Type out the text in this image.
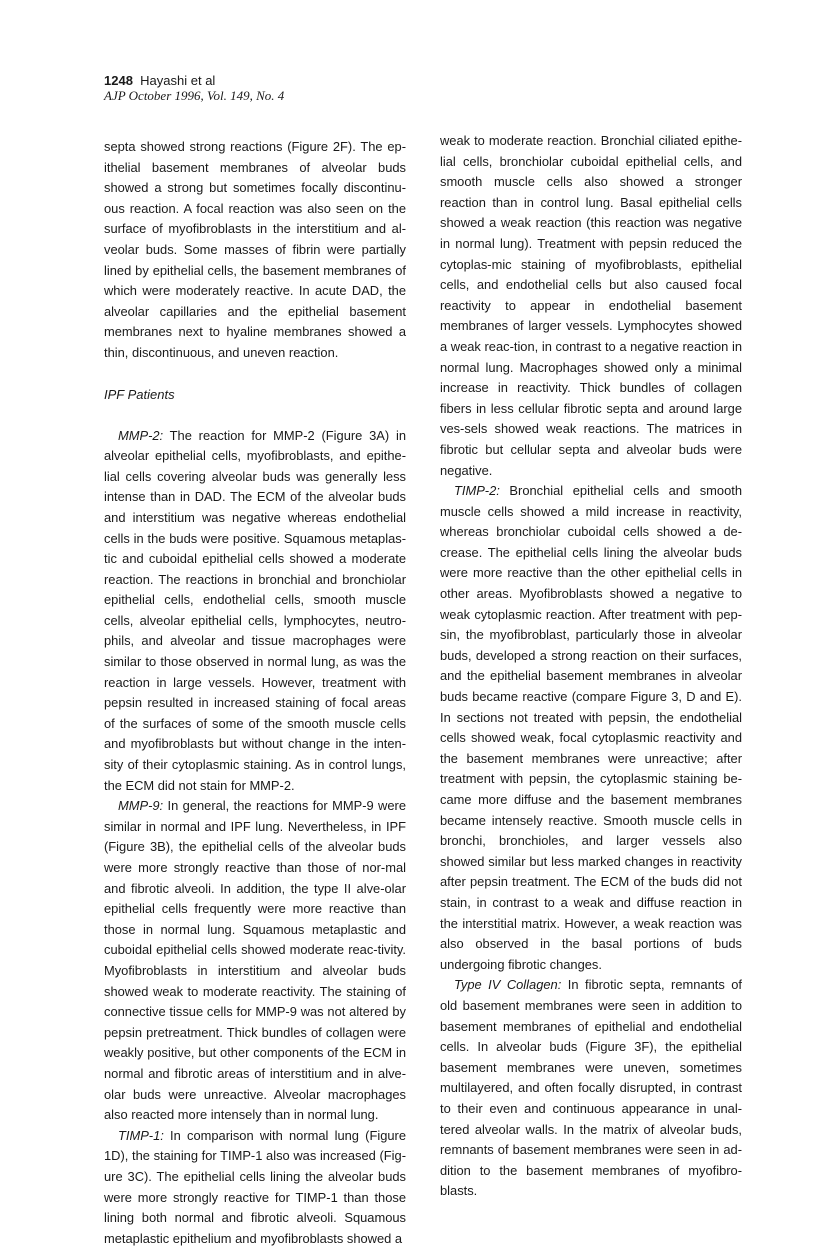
1248 Hayashi et al
AJP October 1996, Vol. 149, No. 4

septa showed strong reactions (Figure 2F). The ep-ithelial basement membranes of alveolar buds showed a strong but sometimes focally discontinu-ous reaction. A focal reaction was also seen on the surface of myofibroblasts in the interstitium and al-veolar buds. Some masses of fibrin were partially lined by epithelial cells, the basement membranes of which were moderately reactive. In acute DAD, the alveolar capillaries and the epithelial basement membranes next to hyaline membranes showed a thin, discontinuous, and uneven reaction.

IPF Patients

MMP-2: The reaction for MMP-2 (Figure 3A) in alveolar epithelial cells, myofibroblasts, and epithe-lial cells covering alveolar buds was generally less intense than in DAD. The ECM of the alveolar buds and interstitium was negative whereas endothelial cells in the buds were positive. Squamous metaplas-tic and cuboidal epithelial cells showed a moderate reaction. The reactions in bronchial and bronchiolar epithelial cells, endothelial cells, smooth muscle cells, alveolar epithelial cells, lymphocytes, neutro-phils, and alveolar and tissue macrophages were similar to those observed in normal lung, as was the reaction in large vessels. However, treatment with pepsin resulted in increased staining of focal areas of the surfaces of some of the smooth muscle cells and myofibroblasts but without change in the inten-sity of their cytoplasmic staining. As in control lungs, the ECM did not stain for MMP-2.

MMP-9: In general, the reactions for MMP-9 were similar in normal and IPF lung. Nevertheless, in IPF (Figure 3B), the epithelial cells of the alveolar buds were more strongly reactive than those of nor-mal and fibrotic alveoli. In addition, the type II alve-olar epithelial cells frequently were more reactive than those in normal lung. Squamous metaplastic and cuboidal epithelial cells showed moderate reac-tivity. Myofibroblasts in interstitium and alveolar buds showed weak to moderate reactivity. The staining of connective tissue cells for MMP-9 was not altered by pepsin pretreatment. Thick bundles of collagen were weakly positive, but other components of the ECM in normal and fibrotic areas of interstitium and in alve-olar buds were unreactive. Alveolar macrophages also reacted more intensely than in normal lung.

TIMP-1: In comparison with normal lung (Figure 1D), the staining for TIMP-1 also was increased (Fig-ure 3C). The epithelial cells lining the alveolar buds were more strongly reactive for TIMP-1 than those lining both normal and fibrotic alveoli. Squamous metaplastic epithelium and myofibroblasts showed a

weak to moderate reaction. Bronchial ciliated epithe-lial cells, bronchiolar cuboidal epithelial cells, and smooth muscle cells also showed a stronger reaction than in control lung. Basal epithelial cells showed a weak reaction (this reaction was negative in normal lung). Treatment with pepsin reduced the cytoplas-mic staining of myofibroblasts, epithelial cells, and endothelial cells but also caused focal reactivity to appear in endothelial basement membranes of larger vessels. Lymphocytes showed a weak reac-tion, in contrast to a negative reaction in normal lung. Macrophages showed only a minimal increase in reactivity. Thick bundles of collagen fibers in less cellular fibrotic septa and around large ves-sels showed weak reactions. The matrices in fibrotic but cellular septa and alveolar buds were negative.

TIMP-2: Bronchial epithelial cells and smooth muscle cells showed a mild increase in reactivity, whereas bronchiolar cuboidal cells showed a de-crease. The epithelial cells lining the alveolar buds were more reactive than the other epithelial cells in other areas. Myofibroblasts showed a negative to weak cytoplasmic reaction. After treatment with pep-sin, the myofibroblast, particularly those in alveolar buds, developed a strong reaction on their surfaces, and the epithelial basement membranes in alveolar buds became reactive (compare Figure 3, D and E). In sections not treated with pepsin, the endothelial cells showed weak, focal cytoplasmic reactivity and the basement membranes were unreactive; after treatment with pepsin, the cytoplasmic staining be-came more diffuse and the basement membranes became intensely reactive. Smooth muscle cells in bronchi, bronchioles, and larger vessels also showed similar but less marked changes in reactivity after pepsin treatment. The ECM of the buds did not stain, in contrast to a weak and diffuse reaction in the interstitial matrix. However, a weak reaction was also observed in the basal portions of buds undergoing fibrotic changes.

Type IV Collagen: In fibrotic septa, remnants of old basement membranes were seen in addition to basement membranes of epithelial and endothelial cells. In alveolar buds (Figure 3F), the epithelial basement membranes were uneven, sometimes multilayered, and often focally disrupted, in contrast to their even and continuous appearance in unal-tered alveolar walls. In the matrix of alveolar buds, remnants of basement membranes were seen in ad-dition to the basement membranes of myofibro-blasts.
